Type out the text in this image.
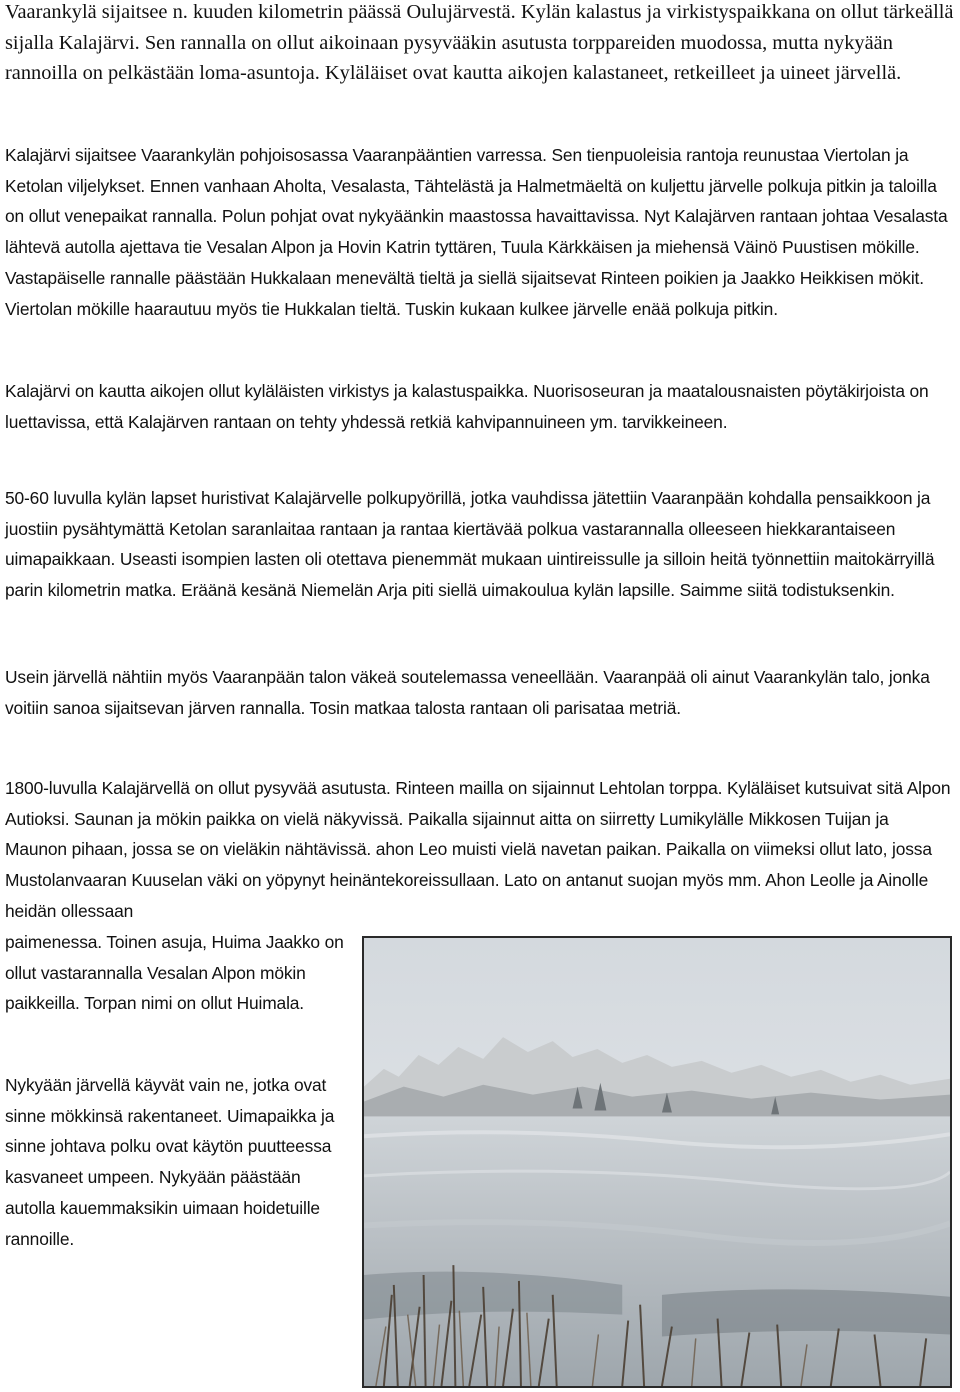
Vaarankylä sijaitsee n. kuuden kilometrin päässä Oulujärvestä. Kylän kalastus ja virkistyspaikkana on ollut tärkeällä sijalla Kalajärvi. Sen rannalla on ollut aikoinaan pysyvääkin asutusta torppareiden muodossa, mutta nykyään rannoilla on pelkästään loma-asuntoja. Kyläläiset ovat kautta aikojen kalastaneet, retkeilleet ja uineet järvellä.

Kalajärvi sijaitsee Vaarankylän pohjoisosassa Vaaranpääntien varressa. Sen tienpuoleisia rantoja reunustaa Viertolan ja Ketolan viljelykset. Ennen vanhaan Aholta, Vesalasta, Tähtelästä ja Halmetmäeltä on kuljettu järvelle polkuja pitkin ja taloilla on ollut venepaikat rannalla. Polun pohjat ovat nykyäänkin maastossa havaittavissa. Nyt Kalajärven rantaan johtaa Vesalasta lähtevä autolla ajettava tie Vesalan Alpon ja Hovin Katrin tyttären, Tuula Kärkkäisen ja miehensä Väinö Puustisen mökille. Vastapäiselle rannalle päästään Hukkalaan menevältä tieltä ja siellä sijaitsevat Rinteen poikien ja Jaakko Heikkisen mökit. Viertolan mökille haarautuu myös tie Hukkalan tieltä. Tuskin kukaan kulkee järvelle enää polkuja pitkin.

Kalajärvi on kautta aikojen ollut kyläläisten virkistys ja kalastuspaikka. Nuorisoseuran ja maatalousnaisten pöytäkirjoista on luettavissa, että Kalajärven rantaan on tehty yhdessä retkiä kahvipannuineen ym. tarvikkeineen.

50-60 luvulla kylän lapset huristivat Kalajärvelle polkupyörillä, jotka vauhdissa jätettiin Vaaranpään kohdalla pensaikkoon ja juostiin pysähtymättä Ketolan saranlaitaa rantaan ja rantaa kiertävää polkua vastarannalla olleeseen hiekkarantaiseen uimapaikkaan. Useasti isompien lasten oli otettava pienemmät mukaan uintireissulle ja silloin heitä työnnettiin maitokärryillä parin kilometrin matka. Eräänä kesänä Niemelän Arja piti siellä uimakoulua kylän lapsille. Saimme siitä todistuksenkin.

Usein järvellä nähtiin myös Vaaranpään talon väkeä soutelemassa veneellään. Vaaranpää oli ainut Vaarankylän talo, jonka voitiin sanoa sijaitsevan järven rannalla. Tosin matkaa talosta rantaan oli parisataa metriä.

1800-luvulla Kalajärvellä on ollut pysyvää asutusta. Rinteen mailla on sijainnut Lehtolan torppa. Kyläläiset kutsuivat sitä Alpon Autioksi. Saunan ja mökin paikka on vielä näkyvissä. Paikalla sijainnut aitta on siirretty Lumikylälle Mikkosen Tuijan ja Maunon pihaan, jossa se on vieläkin nähtävissä. ahon Leo muisti vielä navetan paikan. Paikalla on viimeksi ollut lato, jossa Mustolanvaaran Kuuselan väki on yöpynyt heinäntekoreissullaan. Lato on antanut suojan myös mm. Ahon Leolle ja Ainolle heidän ollessaan

paimenessa. Toinen asuja, Huima Jaakko on ollut vastarannalla Vesalan Alpon mökin paikkeilla. Torpan nimi on ollut Huimala.

Nykyään järvellä käyvät vain ne, jotka ovat sinne mökkinsä rakentaneet. Uimapaikka ja sinne johtava polku ovat käytön puutteessa kasvaneet umpeen. Nykyään päästään autolla kauemmaksikin uimaan hoidetuille rannoille.
